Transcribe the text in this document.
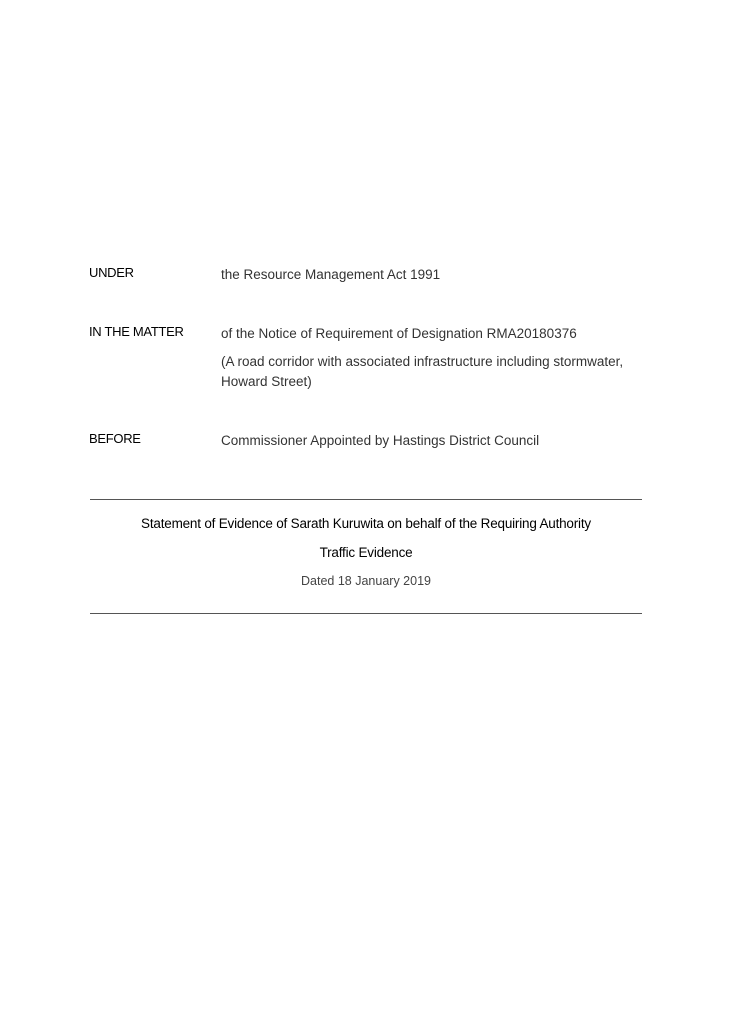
UNDER	the Resource Management Act 1991
IN THE MATTER	of the Notice of Requirement of Designation RMA20180376
(A road corridor with associated infrastructure including stormwater, Howard Street)
BEFORE	Commissioner Appointed by Hastings District Council
Statement of Evidence of Sarath Kuruwita on behalf of the Requiring Authority
Traffic Evidence
Dated 18 January 2019
